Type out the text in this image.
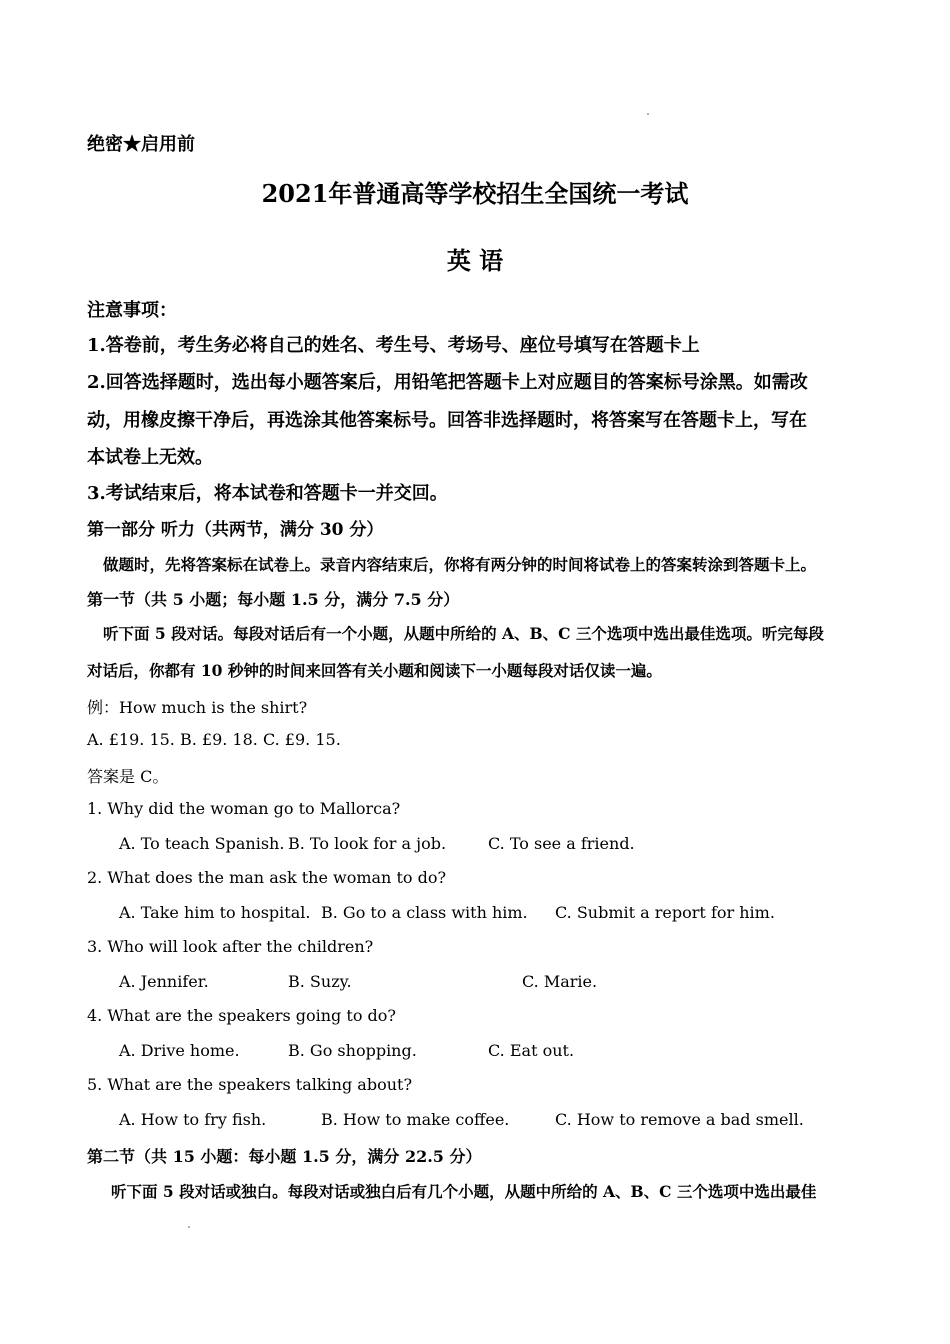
绝密★启用前
2021年普通高等学校招生全国统一考试
英 语
注意事项：
1.答卷前，考生务必将自己的姓名、考生号、考场号、座位号填写在答题卡上
2.回答选择题时，选出每小题答案后，用铅笔把答题卡上对应题目的答案标号涂黑。如需改
动，用橡皮擦干净后，再选涂其他答案标号。回答非选择题时，将答案写在答题卡上，写在
本试卷上无效。
3.考试结束后，将本试卷和答题卡一并交回。
第一部分 听力（共两节，满分 30 分）
做题时，先将答案标在试卷上。录音内容结束后，你将有两分钟的时间将试卷上的答案转涂到答题卡上。
第一节（共 5 小题；每小题 1.5 分，满分 7.5 分）
听下面 5 段对话。每段对话后有一个小题，从题中所给的 A、B、C 三个选项中选出最佳选项。听完每段
对话后，你都有 10 秒钟的时间来回答有关小题和阅读下一小题每段对话仅读一遍。
例：How much is the shirt?
A. £19. 15. B. £9. 18. C. £9. 15.
答案是 C。
1. Why did the woman go to Mallorca?
A. To teach Spanish. B. To look for a job.	C. To see a friend.
2. What does the man ask the woman to do?
A. Take him to hospital. B. Go to a class with him. C. Submit a report for him.
3. Who will look after the children?
A. Jennifer.	B. Suzy.	C. Marie.
4. What are the speakers going to do?
A. Drive home.	B. Go shopping.	C. Eat out.
5. What are the speakers talking about?
A. How to fry fish.	B. How to make coffee.	C. How to remove a bad smell.
第二节（共 15 小题：每小题 1.5 分，满分 22.5 分）
听下面 5 段对话或独白。每段对话或独白后有几个小题，从题中所给的 A、B、C 三个选项中选出最佳
